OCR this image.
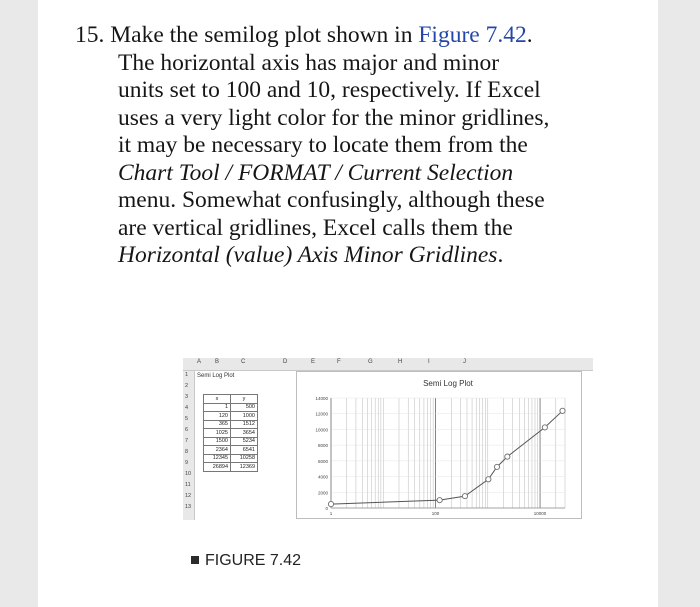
15. Make the semilog plot shown in Figure 7.42.
The horizontal axis has major and minor
units set to 100 and 10, respectively. If Excel
uses a very light color for the minor gridlines,
it may be necessary to locate them from the
Chart Tool / FORMAT / Current Selection
menu. Somewhat confusingly, although these
are vertical gridlines, Excel calls them the
Horizontal (value) Axis Minor Gridlines.
A B	C	D	E	F	G	H	I	J
1
2
3
4
5
6
7
8
9
10
11
12
13
Semi Log Plot
x	y
1	500
120	1000
365	1512
1025	3654
1500	5234
2364	6541
12345	10258
26894	12369
Semi Log Plot
0
2000
4000
6000
8000
10000
12000
14000
1	100	10000
FIGURE 7.42
